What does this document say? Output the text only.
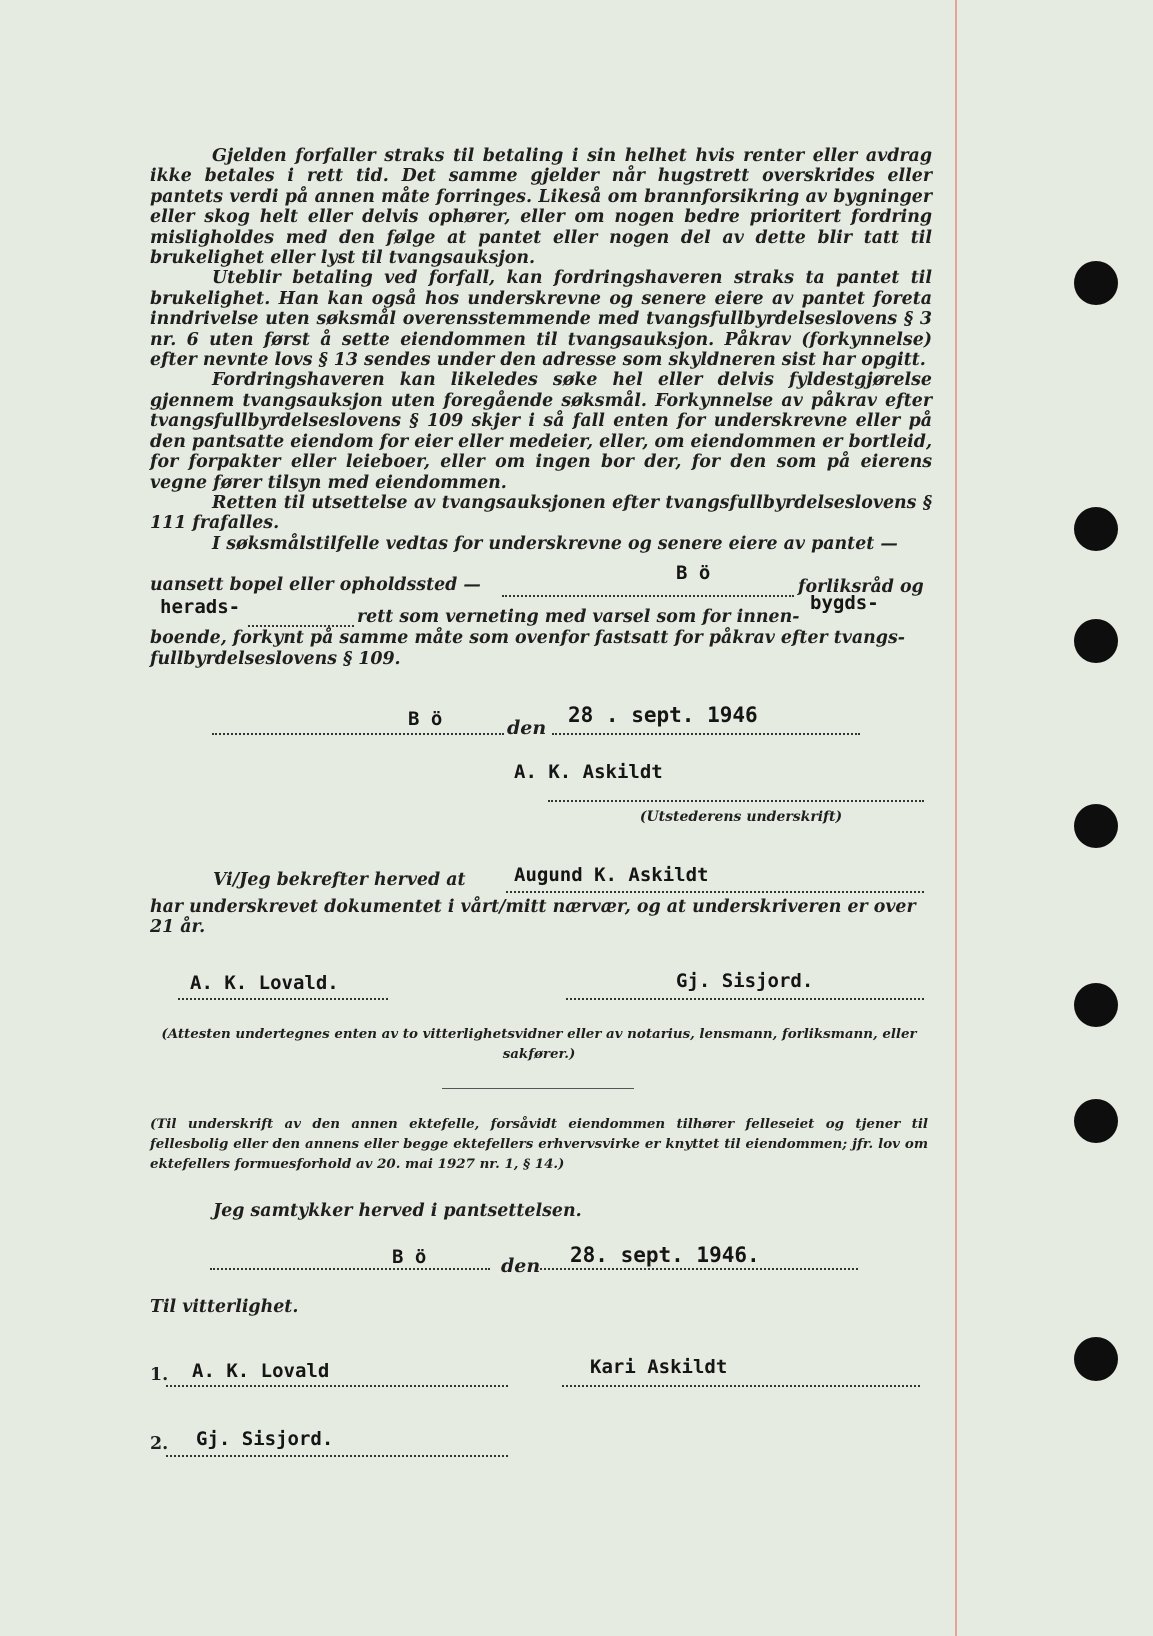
Gjelden forfaller straks til betaling i sin helhet hvis renter eller avdrag ikke betales i rett tid. Det samme gjelder når hugstrett overskrides eller pantets verdi på annen måte forringes. Likeså om brannforsikring av bygninger eller skog helt eller delvis ophører, eller om nogen bedre prioritert fordring misligholdes med den følge at pantet eller nogen del av dette blir tatt til brukelighet eller lyst til tvangsauksjon.

Uteblir betaling ved forfall, kan fordringshaveren straks ta pantet til brukelighet. Han kan også hos underskrevne og senere eiere av pantet foreta inndrivelse uten søksmål overensstemmende med tvangsfullbyrdelseslovens § 3 nr. 6 uten først å sette eiendommen til tvangsauksjon. Påkrav (forkynnelse) efter nevnte lovs § 13 sendes under den adresse som skyldneren sist har opgitt.

Fordringshaveren kan likeledes søke hel eller delvis fyldestgjørelse gjennem tvangsauksjon uten foregående søksmål. Forkynnelse av påkrav efter tvangsfullbyrdelseslovens § 109 skjer i så fall enten for underskrevne eller på den pantsatte eiendom for eier eller medeier, eller, om eiendommen er bortleid, for forpakter eller leieboer, eller om ingen bor der, for den som på eierens vegne fører tilsyn med eiendommen.

Retten til utsettelse av tvangsauksjonen efter tvangsfullbyrdelseslovens § 111 frafalles.

I søksmålstilfelle vedtas for underskrevne og senere eiere av pantet —

uansett bopel eller opholdssted —
B ö
forliksråd og
herads-	rett som verneting med varsel som for innen-
bygds-
boende, forkynt på samme måte som ovenfor fastsatt for påkrav efter tvangs-
fullbyrdelseslovens § 109.
B ö	den
28 . sept. 1946
A. K. Askildt
(Utstederens underskrift)
Vi/Jeg bekrefter herved at	Augund K. Askildt
har underskrevet dokumentet i vårt/mitt nærvær, og at underskriveren er over
21 år.
A. K. Lovald.	Gj. Sisjord.
(Attesten undertegnes enten av to vitterlighetsvidner eller av notarius, lensmann, forliksmann, eller sakfører.)
(Til underskrift av den annen ektefelle, forsåvidt eiendommen tilhører felleseiet og tjener til fellesbolig eller den annens eller begge ektefellers erhvervsvirke er knyttet til eiendommen; jfr. lov om ektefellers formuesforhold av 20. mai 1927 nr. 1, § 14.)
Jeg samtykker herved i pantsettelsen.
B ö	den 28. sept. 1946.
Til vitterlighet.
1. A. K. Lovald	Kari Askildt
2. Gj. Sisjord.
